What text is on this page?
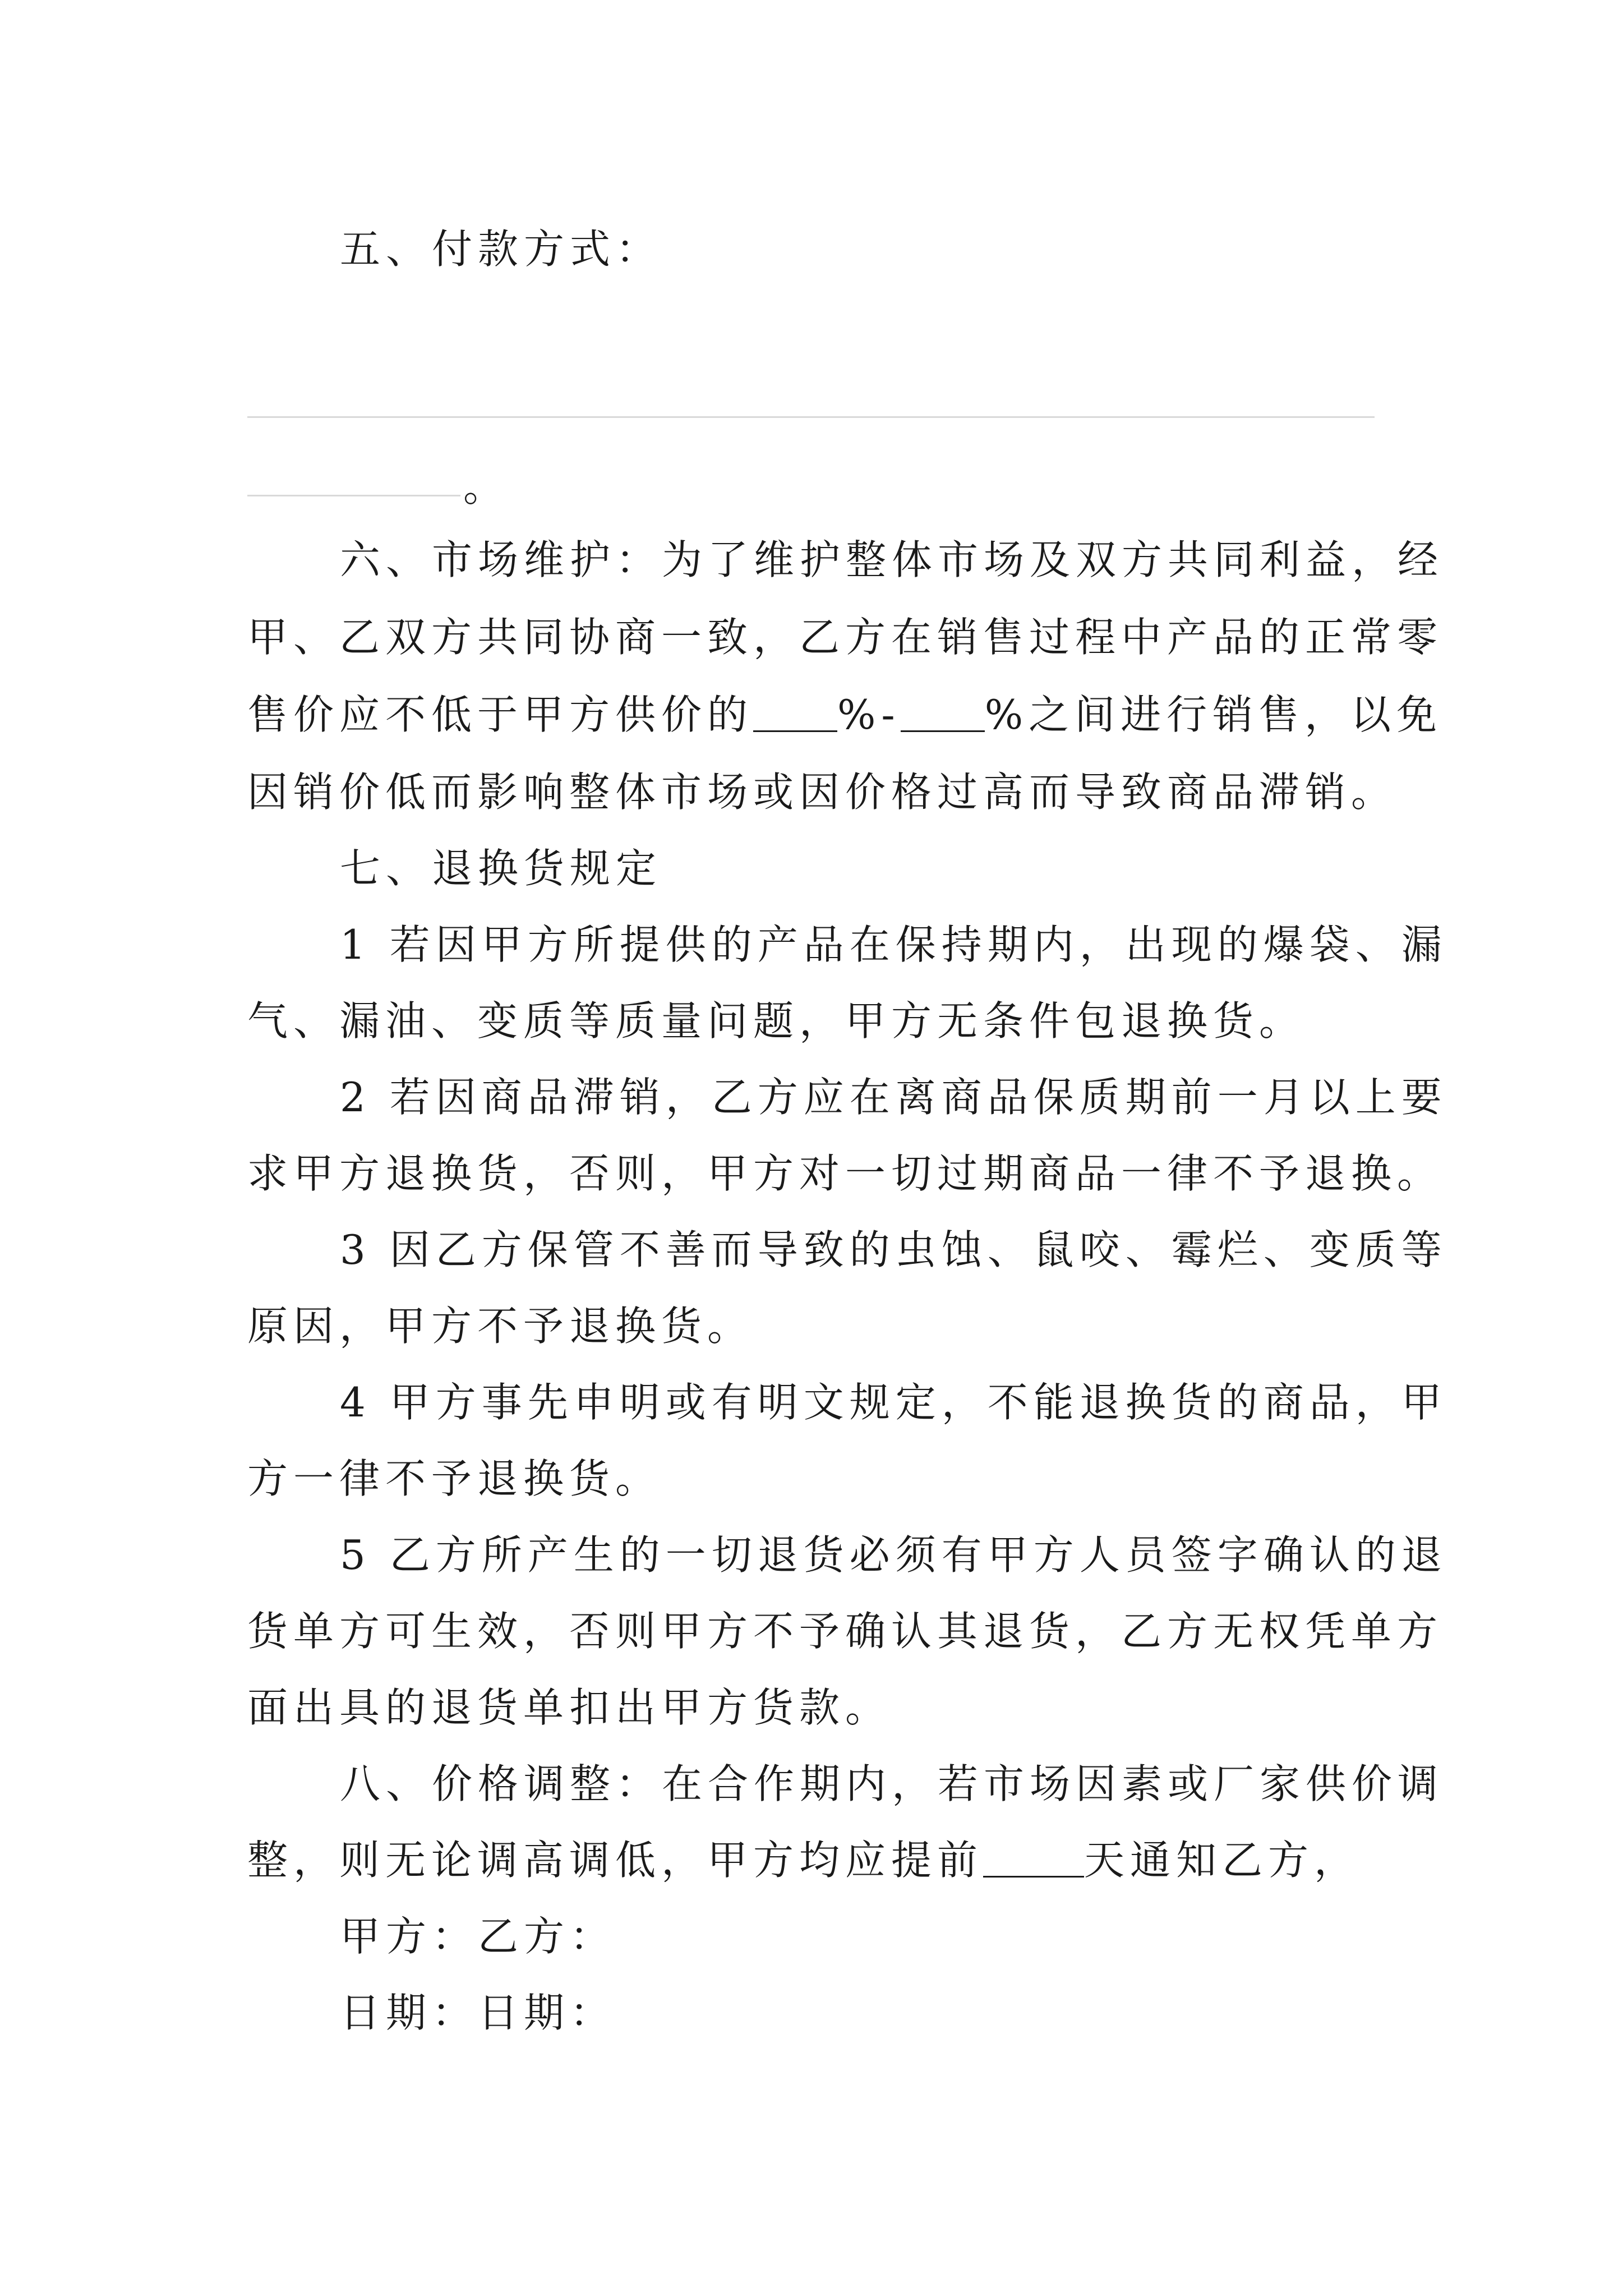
五、付款方式：
。
六、市场维护：为了维护整体市场及双方共同利益，经
甲、乙双方共同协商一致，乙方在销售过程中产品的正常零
售价应不低于甲方供价的 %- %之间进行销售，以免
因销价低而影响整体市场或因价格过高而导致商品滞销。
七、退换货规定
1 若因甲方所提供的产品在保持期内，出现的爆袋、漏
气、漏油、变质等质量问题，甲方无条件包退换货。
2 若因商品滞销，乙方应在离商品保质期前一月以上要
求甲方退换货，否则，甲方对一切过期商品一律不予退换。
3 因乙方保管不善而导致的虫蚀、鼠咬、霉烂、变质等
原因，甲方不予退换货。
4 甲方事先申明或有明文规定，不能退换货的商品，甲
方一律不予退换货。
5 乙方所产生的一切退货必须有甲方人员签字确认的退
货单方可生效，否则甲方不予确认其退货，乙方无权凭单方
面出具的退货单扣出甲方货款。
八、价格调整：在合作期内，若市场因素或厂家供价调
整，则无论调高调低，甲方均应提前	天通知乙方，
甲方：乙方：
日期：日期：
